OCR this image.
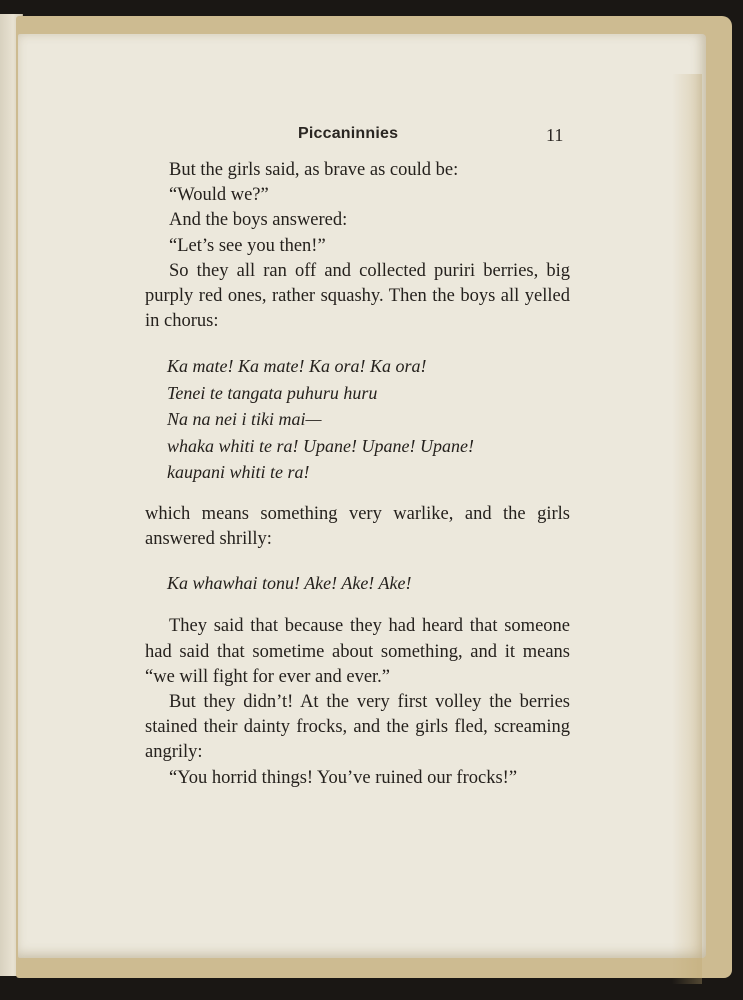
Piccaninnies	11

But the girls said, as brave as could be:

“Would we?”

And the boys answered:

“Let’s see you then!”

So they all ran off and collected puriri berries, big purply red ones, rather squashy. Then the boys all yelled in chorus:

Ka mate! Ka mate! Ka ora! Ka ora!
Tenei te tangata puhuru huru
Na na nei i tiki mai—
whaka whiti te ra! Upane! Upane! Upane!
kaupani whiti te ra!

which means something very warlike, and the girls answered shrilly:

Ka whawhai tonu! Ake! Ake! Ake!

They said that because they had heard that someone had said that sometime about something, and it means “we will fight for ever and ever.”

But they didn’t! At the very first volley the berries stained their dainty frocks, and the girls fled, screaming angrily:

“You horrid things! You’ve ruined our frocks!”
